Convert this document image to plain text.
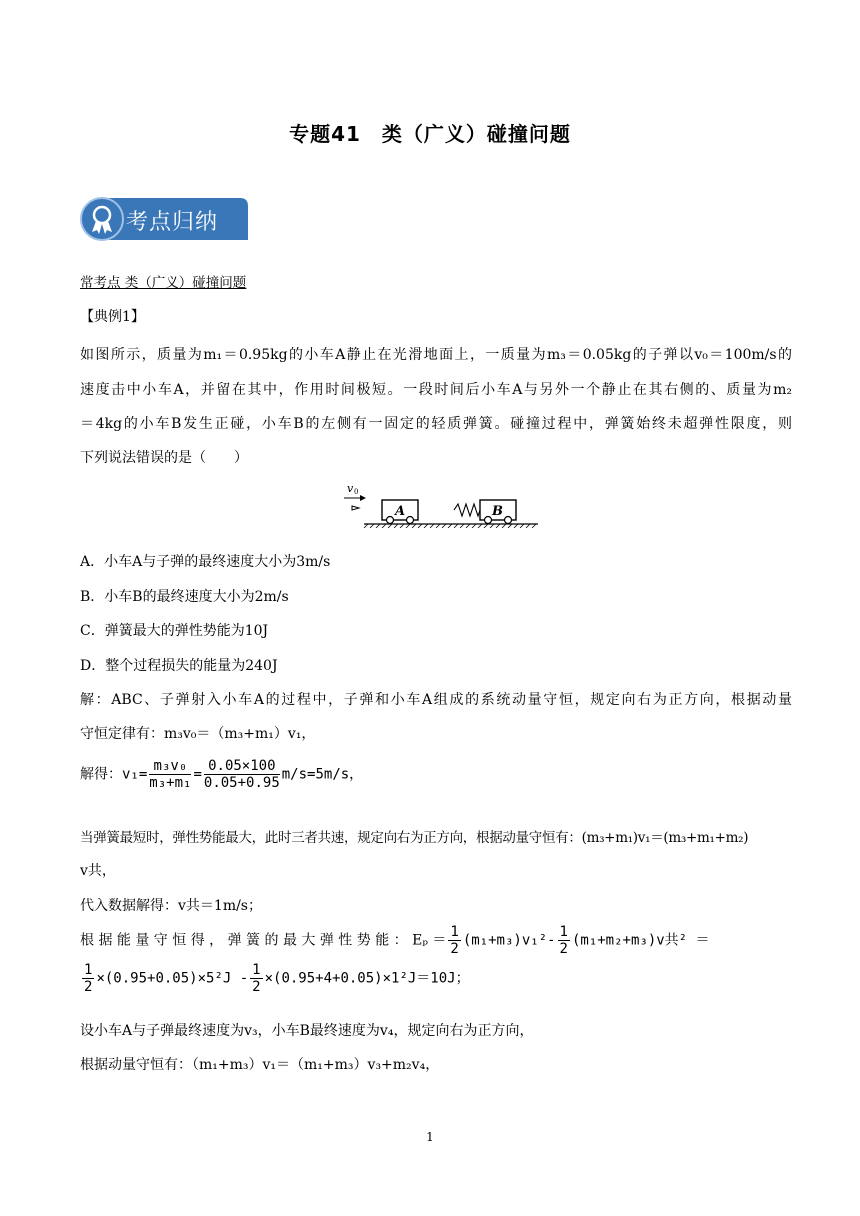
专题41　类（广义）碰撞问题
考点归纳
常考点 类（广义）碰撞问题
【典例1】
如图所示，质量为m₁＝0.95kg的小车A静止在光滑地面上，一质量为m₃＝0.05kg的子弹以v₀＝100m/s的
速度击中小车A，并留在其中，作用时间极短。一段时间后小车A与另外一个静止在其右侧的、质量为m₂
＝4kg的小车B发生正碰，小车B的左侧有一固定的轻质弹簧。碰撞过程中，弹簧始终未超弹性限度，则
下列说法错误的是（　　）
v 0
A	B
A．小车A与子弹的最终速度大小为3m/s
B．小车B的最终速度大小为2m/s
C．弹簧最大的弹性势能为10J
D．整个过程损失的能量为240J
解：ABC、子弹射入小车A的过程中，子弹和小车A组成的系统动量守恒，规定向右为正方向，根据动量
守恒定律有：m₃v₀＝（m₃+m₁）v₁，
解得：$v_1= \frac{\text{m₃v₀}}{\text{m₃+m₁}} = \frac{0.05\times 100}{0.05+0.95} m/s=5m/s$，
当弹簧最短时，弹性势能最大，此时三者共速，规定向右为正方向，根据动量守恒有：(m₃+m₁)v₁＝(m₃+m₁+m₂)
v共，
代入数据解得：v共＝1m/s；
根 据 能 量 守 恒 得 ， 弹 簧 的 最 大 弹 性 势 能 ： $E_p = \frac{1}{2} (m_1+m_3)v_1^2- \frac{1}{2} (m_1+m_2+m_3)v$共² ＝
$\frac{1}{2} \times(0.95+0.05)\times 5^2J - \frac{1}{2} \times(0.95+4+0.05)\times 1^2J=10J$；
设小车A与子弹最终速度为v₃，小车B最终速度为v₄，规定向右为正方向，
根据动量守恒有：（m₁+m₃）v₁＝（m₁+m₃）v₃+m₂v₄，
1
